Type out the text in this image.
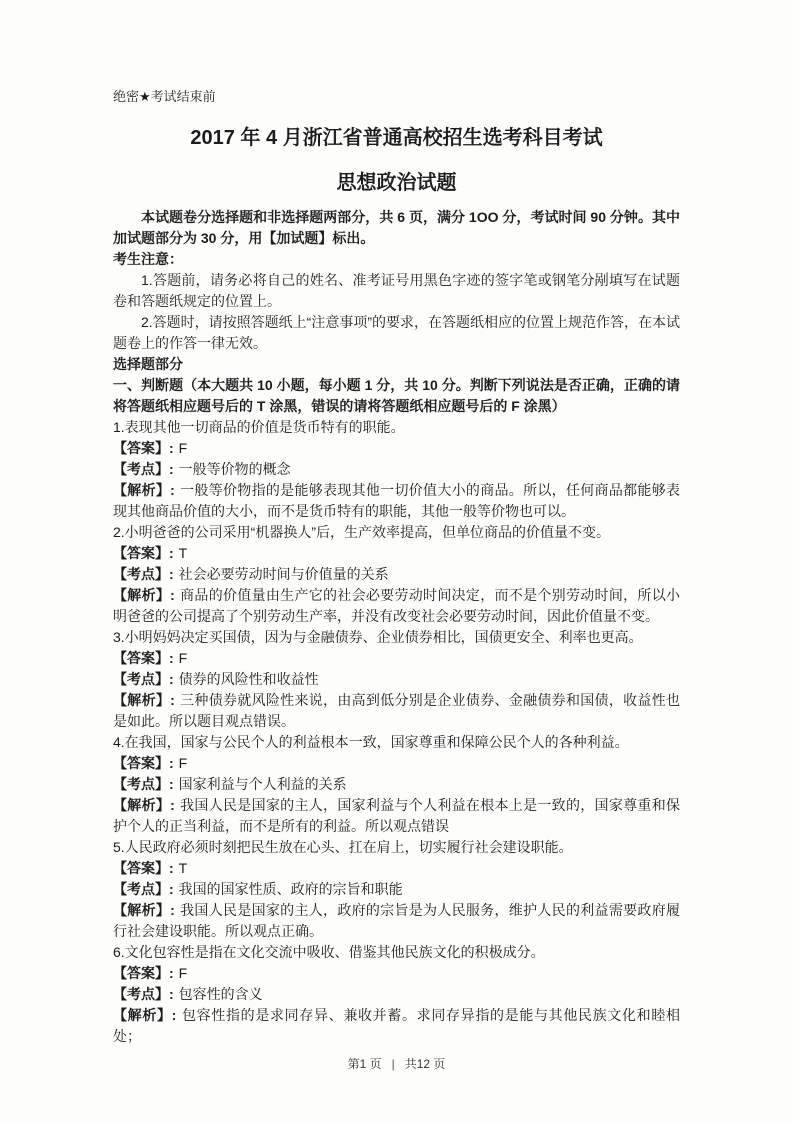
绝密★考试结束前
2017 年 4 月浙江省普通高校招生选考科目考试
思想政治试题

本试题卷分选择题和非选择题两部分，共 6 页，满分 1OO 分，考试时间 90 分钟。其中加试题部分为 30 分，用【加试题】标出。

考生注意：

1.答题前，请务必将自己的姓名、准考证号用黑色字迹的签字笔或钢笔分剐填写在试题卷和答题纸规定的位置上。

2.答题时，请按照答题纸上“注意事项”的要求，在答题纸相应的位置上规范作答，在本试题卷上的作答一律无效。

选择题部分

一、判断题（本大题共 10 小题，每小题 1 分，共 10 分。判断下列说法是否正确，正确的请将答题纸相应题号后的 T 涂黑，错误的请将答题纸相应题号后的 F 涂黑）

1.表现其他一切商品的价值是货币特有的职能。

【答案】: F

【考点】: 一般等价物的概念

【解析】: 一般等价物指的是能够表现其他一切价值大小的商品。所以，任何商品都能够表现其他商品价值的大小，而不是货币特有的职能，其他一般等价物也可以。

2.小明爸爸的公司采用“机器换人”后，生产效率提高，但单位商品的价值量不变。

【答案】: T

【考点】: 社会必要劳动时间与价值量的关系

【解析】: 商品的价值量由生产它的社会必要劳动时间决定，而不是个别劳动时间，所以小明爸爸的公司提高了个别劳动生产率，并没有改变社会必要劳动时间，因此价值量不变。

3.小明妈妈决定买国债，因为与金融债券、企业债券相比，国债更安全、利率也更高。

【答案】: F

【考点】: 债券的风险性和收益性

【解析】: 三种债券就风险性来说，由高到低分别是企业债券、金融债券和国债，收益性也是如此。所以题目观点错误。

4.在我国，国家与公民个人的利益根本一致，国家尊重和保障公民个人的各种利益。

【答案】: F

【考点】: 国家利益与个人利益的关系

【解析】: 我国人民是国家的主人，国家利益与个人利益在根本上是一致的，国家尊重和保护个人的正当利益，而不是所有的利益。所以观点错误

5.人民政府必须时刻把民生放在心头、扛在肩上，切实履行社会建设职能。

【答案】: T

【考点】: 我国的国家性质、政府的宗旨和职能

【解析】: 我国人民是国家的主人，政府的宗旨是为人民服务，维护人民的利益需要政府履行社会建设职能。所以观点正确。

6.文化包容性是指在文化交流中吸收、借鉴其他民族文化的积极成分。

【答案】: F

【考点】: 包容性的含义

【解析】: 包容性指的是求同存异、兼收并蓄。求同存异指的是能与其他民族文化和睦相处；

第1 页 | 共12 页
